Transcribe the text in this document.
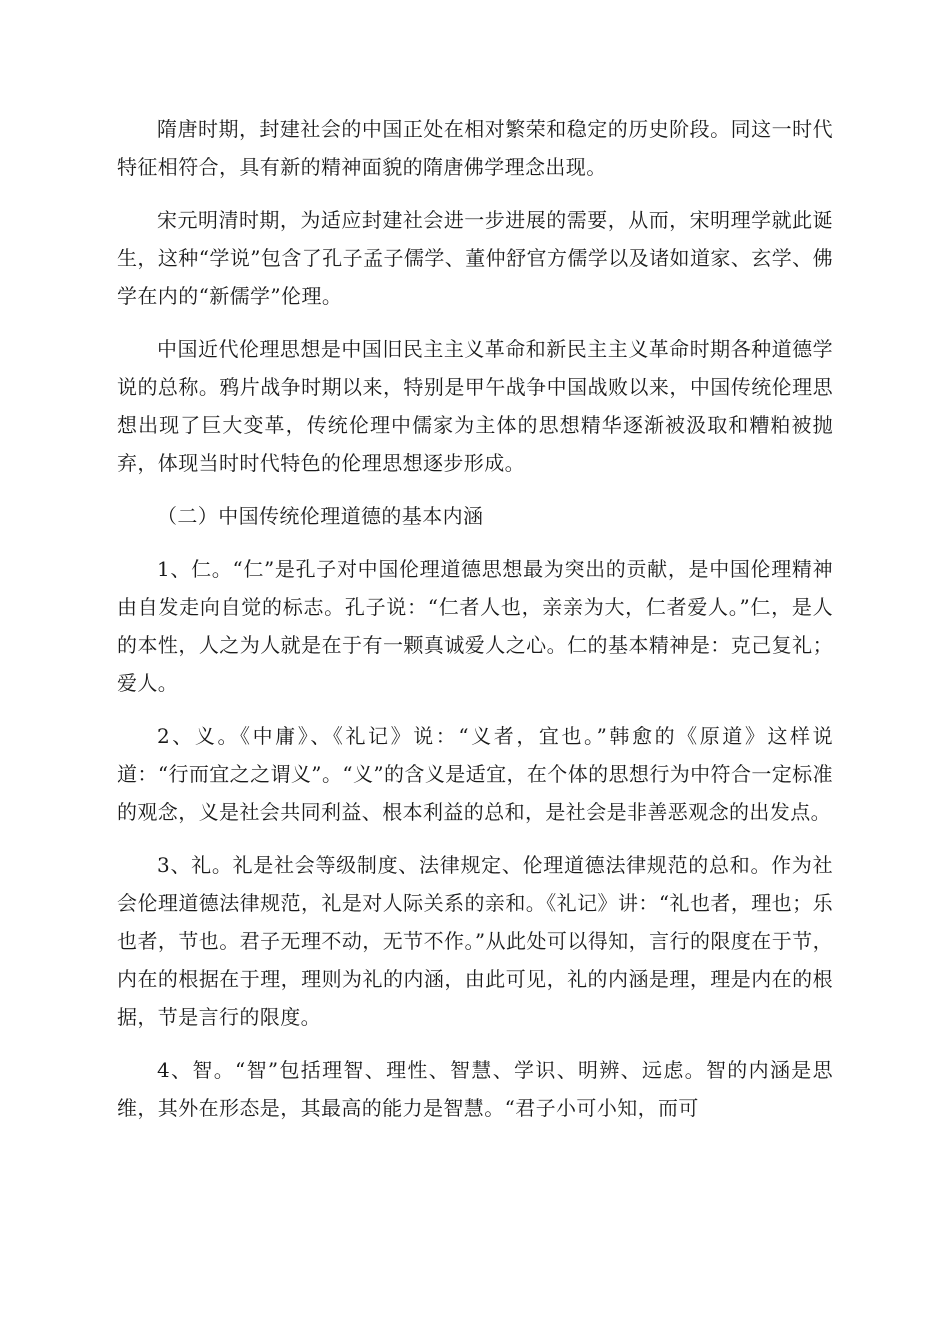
隋唐时期，封建社会的中国正处在相对繁荣和稳定的历史阶段。同这一时代特征相符合，具有新的精神面貌的隋唐佛学理念出现。

宋元明清时期，为适应封建社会进一步进展的需要，从而，宋明理学就此诞生，这种“学说”包含了孔子孟子儒学、董仲舒官方儒学以及诸如道家、玄学、佛学在内的“新儒学”伦理。

中国近代伦理思想是中国旧民主主义革命和新民主主义革命时期各种道德学说的总称。鸦片战争时期以来，特别是甲午战争中国战败以来，中国传统伦理思想出现了巨大变革，传统伦理中儒家为主体的思想精华逐渐被汲取和糟粕被抛弃，体现当时时代特色的伦理思想逐步形成。

（二）中国传统伦理道德的基本内涵

1、仁。“仁”是孔子对中国伦理道德思想最为突出的贡献，是中国伦理精神由自发走向自觉的标志。孔子说：“仁者人也，亲亲为大，仁者爱人。”仁，是人的本性，人之为人就是在于有一颗真诚爱人之心。仁的基本精神是：克己复礼；爱人。

2、义。《中庸》、《礼记》说：“义者，宜也。”韩愈的《原道》这样说道：“行而宜之之谓义”。“义”的含义是适宜，在个体的思想行为中符合一定标准的观念，义是社会共同利益、根本利益的总和，是社会是非善恶观念的出发点。

3、礼。礼是社会等级制度、法律规定、伦理道德法律规范的总和。作为社会伦理道德法律规范，礼是对人际关系的亲和。《礼记》讲：“礼也者，理也；乐也者，节也。君子无理不动，无节不作。”从此处可以得知，言行的限度在于节，内在的根据在于理，理则为礼的内涵，由此可见，礼的内涵是理，理是内在的根据，节是言行的限度。

4、智。“智”包括理智、理性、智慧、学识、明辨、远虑。智的内涵是思维，其外在形态是，其最高的能力是智慧。“君子小可小知，而可
